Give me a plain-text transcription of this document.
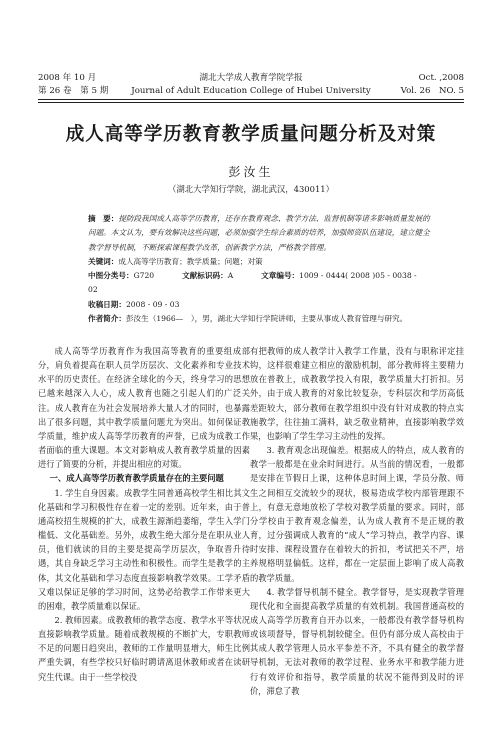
2008 年 10 月
第 26 卷　第 5 期
湖北大学成人教育学院学报
Journal of Adult Education College of Hubei University
Oct. ,2008
Vol. 26　NO. 5
成人高等学历教育教学质量问题分析及对策
彭汝生
（湖北大学知行学院，湖北武汉，430011）

摘　要：提防段我国成人高等学历教育，还存在教育观念、教学方法、监督机制等诸多影响质量发展的问题。本文认为，要有效解决这些问题，必须加强学生综合素质的培养，加强师资队伍建设，建立健全教学督导机制，不断探索课程教学改革，创新教学方法，严格教学管理。

关键词：成人高等学历教育；教学质量；问题；对策

中图分类号：G720	文献标识码：A	文章编号：1009 - 0444( 2008 )05 - 0038 - 02

收稿日期：2008 - 09 - 03

作者简介：彭汝生（1966—　），男，湖北大学知行学院讲师，主要从事成人教育管理与研究。

成人高等学历教育作为我国高等教育的重要组成部分，肩负着提高在职人员学历层次、文化素养和专业技术水平的历史责任。在经济全球化的今天，终身学习的思想已越来越深入人心，成人教育也随之引起人们的广泛关注。成人教育在为社会发展培养大量人才的同时，也暴露出了很多问题，其中教学质量问题尤为突出。如何保证教学质量，维护成人高等学历教育的声誉，已成为成教工作者面临的重大课题。本文对影响成人教育教学质量的因素进行了简要的分析，并提出相应的对策。

一、成人高等学历教育教学质量存在的主要问题

1. 学生自身因素。成教学生同普通高校学生相比其文化基础和学习积极性存在着一定的差别。近年来，由于普通高校招生规模的扩大，成教生源渐趋萎缩，学生入学门槛低、文化基础差。另外，成教生绝大部分是在职从业人员，他们就读的目的主要是提高学历层次，争取晋升待遇，其自身缺乏学习主动性和积极性。而学生是教学的主体，其文化基础和学习态度直接影响教学效果。工学矛盾又难以保证足够的学习时间，这势必给教学工作带来更大的困难，教学质量难以保证。

2. 教师因素。成教教师的教学态度、教学水平等状况直接影响教学质量。随着成教规模的不断扩大，专职教师不足的问题日趋突出，教师的工作量明显增大，师生比例严重失调，有些学校只好临时聘请离退休教师或者在读研究生代课。由于一些学校没

有把教师的成人教学计入教学工作量，没有与职称评定挂钩，这样很难建立相应的激励机制，部分教师将主要精力放在普教上，成教教学投入有限，教学质量大打折扣。另外，由于成人教育的对象比较复杂，专科层次和学历高低差距较大，部分教师在教学组织中没有针对成教的特点实施教学，往往抽工满料，缺乏敬业精神，直接影响教学效果，也影响了学生学习主动性的发挥。

3. 教育观念出现偏差。根据成人的特点，成人教育的教学一般都是在业余时间进行。从当前的情况看，一般都是安排在节假日上课，这种体息时间上课，学员分散、师生之间相互交流较少的现状，极易造成学校内部管理跟不上，有意无意地放松了学校对教学质量的要求。同时，部分学校由于教育观念偏差，认为成人教育不是正规的教育，过分强调成人教育的“成人”学习特点，教学内容、课时安排、课程设置存在着较大的折扣，考试把关不严，培养规格明显偏低。这样，都在一定层面上影响了成人高教的教学质量。

4. 教学督导机制不健全。教学督导，是实现教学管理现代化和全面提高教学质量的有效机制。我国普通高校的成人高等学历教育自开办以来，一般都没有教学督导机构或该项督导，督导机制较健全。但仍有部分成人高校由于其成人教学管理人员水平参差不齐，不具有健全的教学督导机制，无法对教师的教学过程、业务水平和教学能力进行有效评价和指导，教学质量的状况不能得到及时的评价，滞怠了教
